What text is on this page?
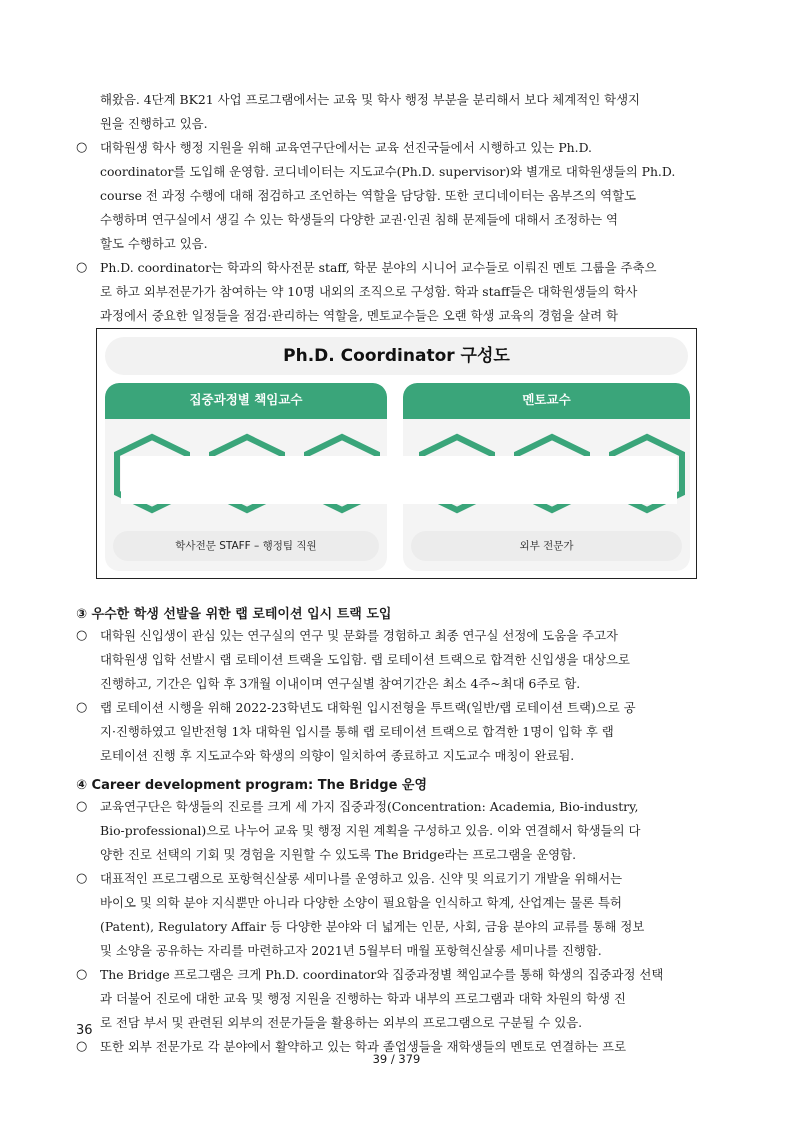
해왔음. 4단계 BK21 사업 프로그램에서는 교육 및 학사 행정 부분을 분리해서 보다 체계적인 학생지
원을 진행하고 있음.
○ 대학원생 학사 행정 지원을 위해 교육연구단에서는 교육 선진국들에서 시행하고 있는 Ph.D.
coordinator를 도입해 운영함. 코디네이터는 지도교수(Ph.D. supervisor)와 별개로 대학원생들의 Ph.D.
course 전 과정 수행에 대해 점검하고 조언하는 역할을 담당함. 또한 코디네이터는 옴부즈의 역할도
수행하며 연구실에서 생길 수 있는 학생들의 다양한 교권·인권 침해 문제들에 대해서 조정하는 역
할도 수행하고 있음.
○ Ph.D. coordinator는 학과의 학사전문 staff, 학문 분야의 시니어 교수들로 이뤄진 멘토 그룹을 주축으
로 하고 외부전문가가 참여하는 약 10명 내외의 조직으로 구성함. 학과 staff들은 대학원생들의 학사
과정에서 중요한 일정들을 점검·관리하는 역할을, 멘토교수들은 오랜 학생 교육의 경험을 살려 학
Ph.D. Coordinator 구성도
집중과정별 책임교수
학사전문 STAFF – 행정팀 직원
멘토교수
외부 전문가
③ 우수한 학생 선발을 위한 랩 로테이션 입시 트랙 도입
○ 대학원 신입생이 관심 있는 연구실의 연구 및 문화를 경험하고 최종 연구실 선정에 도움을 주고자
대학원생 입학 선발시 랩 로테이션 트랙을 도입함. 랩 로테이션 트랙으로 합격한 신입생을 대상으로
진행하고, 기간은 입학 후 3개월 이내이며 연구실별 참여기간은 최소 4주~최대 6주로 함.
○ 랩 로테이션 시행을 위해 2022-23학년도 대학원 입시전형을 투트랙(일반/랩 로테이션 트랙)으로 공
지·진행하였고 일반전형 1차 대학원 입시를 통해 랩 로테이션 트랙으로 합격한 1명이 입학 후 랩
로테이션 진행 후 지도교수와 학생의 의향이 일치하여 종료하고 지도교수 매칭이 완료됨.
④ Career development program: The Bridge 운영
○ 교육연구단은 학생들의 진로를 크게 세 가지 집중과정(Concentration: Academia, Bio-industry,
Bio-professional)으로 나누어 교육 및 행정 지원 계획을 구성하고 있음. 이와 연결해서 학생들의 다
양한 진로 선택의 기회 및 경험을 지원할 수 있도록 The Bridge라는 프로그램을 운영함.
○ 대표적인 프로그램으로 포항혁신살롱 세미나를 운영하고 있음. 신약 및 의료기기 개발을 위해서는
바이오 및 의학 분야 지식뿐만 아니라 다양한 소양이 필요함을 인식하고 학계, 산업계는 물론 특허
(Patent), Regulatory Affair 등 다양한 분야와 더 넓게는 인문, 사회, 금융 분야의 교류를 통해 정보
및 소양을 공유하는 자리를 마련하고자 2021년 5월부터 매월 포항혁신살롱 세미나를 진행함.
○ The Bridge 프로그램은 크게 Ph.D. coordinator와 집중과정별 책임교수를 통해 학생의 집중과정 선택
과 더불어 진로에 대한 교육 및 행정 지원을 진행하는 학과 내부의 프로그램과 대학 차원의 학생 진
로 전담 부서 및 관련된 외부의 전문가들을 활용하는 외부의 프로그램으로 구분될 수 있음.
○ 또한 외부 전문가로 각 분야에서 활약하고 있는 학과 졸업생들을 재학생들의 멘토로 연결하는 프로
36
39 / 379
